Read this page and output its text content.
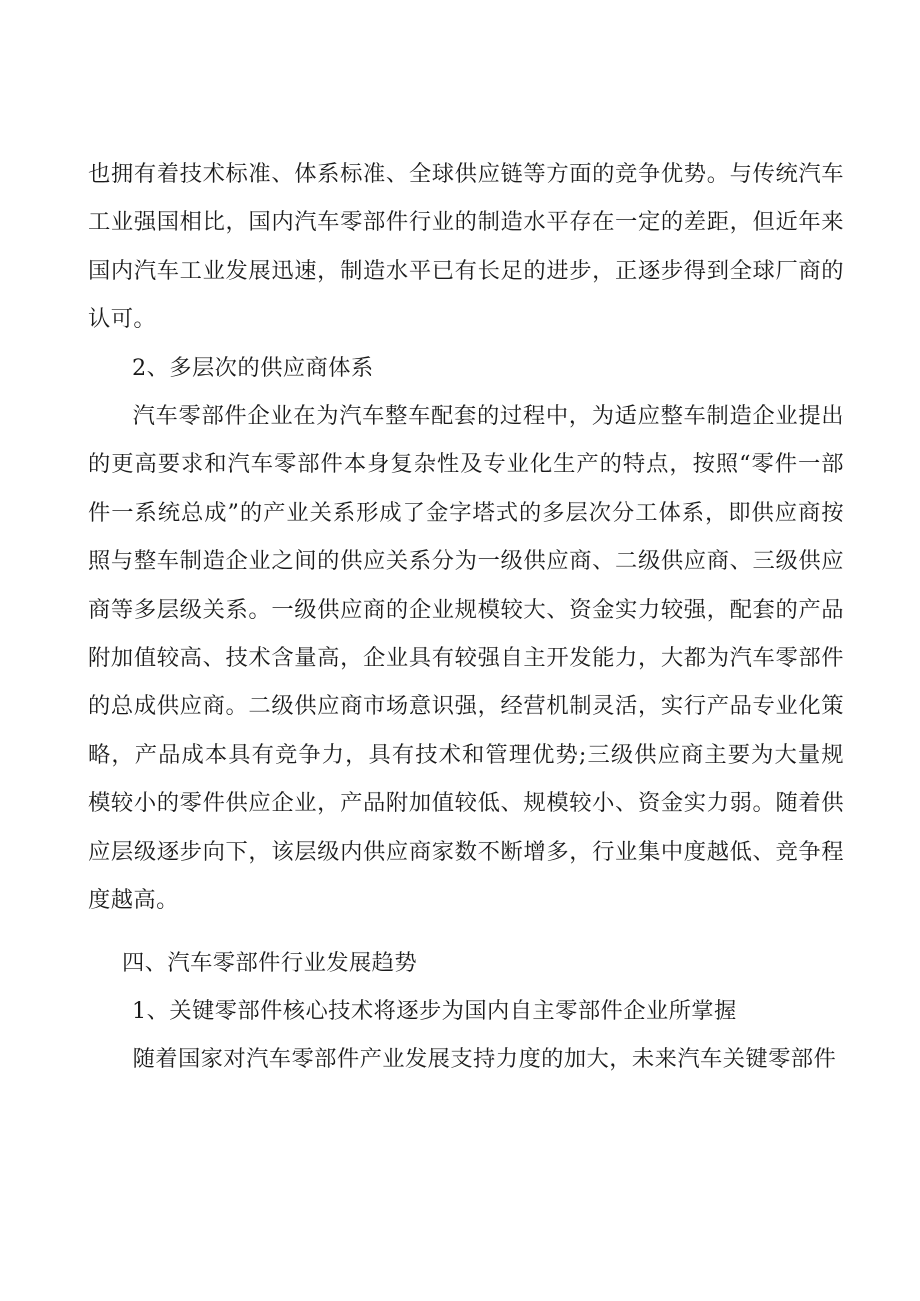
也拥有着技术标准、体系标准、全球供应链等方面的竞争优势。与传统汽车工业强国相比，国内汽车零部件行业的制造水平存在一定的差距，但近年来国内汽车工业发展迅速，制造水平已有长足的进步，正逐步得到全球厂商的认可。

2、多层次的供应商体系

汽车零部件企业在为汽车整车配套的过程中，为适应整车制造企业提出的更高要求和汽车零部件本身复杂性及专业化生产的特点，按照“零件一部件一系统总成”的产业关系形成了金字塔式的多层次分工体系，即供应商按照与整车制造企业之间的供应关系分为一级供应商、二级供应商、三级供应商等多层级关系。一级供应商的企业规模较大、资金实力较强，配套的产品附加值较高、技术含量高，企业具有较强自主开发能力，大都为汽车零部件的总成供应商。二级供应商市场意识强，经营机制灵活，实行产品专业化策略，产品成本具有竞争力，具有技术和管理优势;三级供应商主要为大量规模较小的零件供应企业，产品附加值较低、规模较小、资金实力弱。随着供应层级逐步向下，该层级内供应商家数不断增多，行业集中度越低、竞争程度越高。

四、汽车零部件行业发展趋势

1、关键零部件核心技术将逐步为国内自主零部件企业所掌握

随着国家对汽车零部件产业发展支持力度的加大，未来汽车关键零部件
